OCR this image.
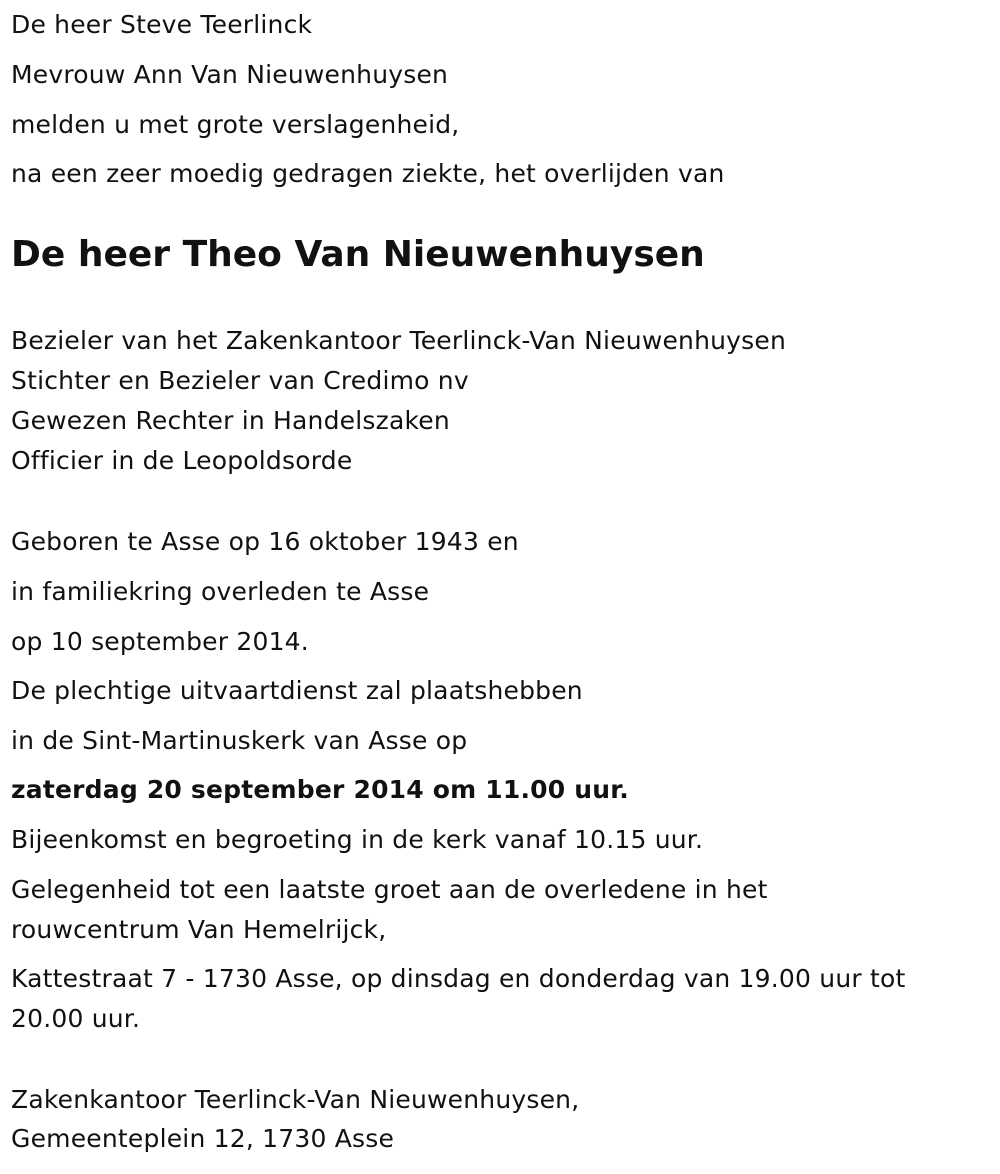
De heer Steve Teerlinck
Mevrouw Ann Van Nieuwenhuysen
melden u met grote verslagenheid,
na een zeer moedig gedragen ziekte, het overlijden van
De heer Theo Van Nieuwenhuysen
Bezieler van het Zakenkantoor Teerlinck-Van Nieuwenhuysen
Stichter en Bezieler van Credimo nv
Gewezen Rechter in Handelszaken
Officier in de Leopoldsorde
Geboren te Asse op 16 oktober 1943 en
in familiekring overleden te Asse
op 10 september 2014.
De plechtige uitvaartdienst zal plaatshebben
in de Sint-Martinuskerk van Asse op
zaterdag 20 september 2014 om 11.00 uur.
Bijeenkomst en begroeting in de kerk vanaf 10.15 uur.
Gelegenheid tot een laatste groet aan de overledene in het
rouwcentrum Van Hemelrijck,
Kattestraat 7 - 1730 Asse, op dinsdag en donderdag van 19.00 uur tot
20.00 uur.
Zakenkantoor Teerlinck-Van Nieuwenhuysen,
Gemeenteplein 12, 1730 Asse
